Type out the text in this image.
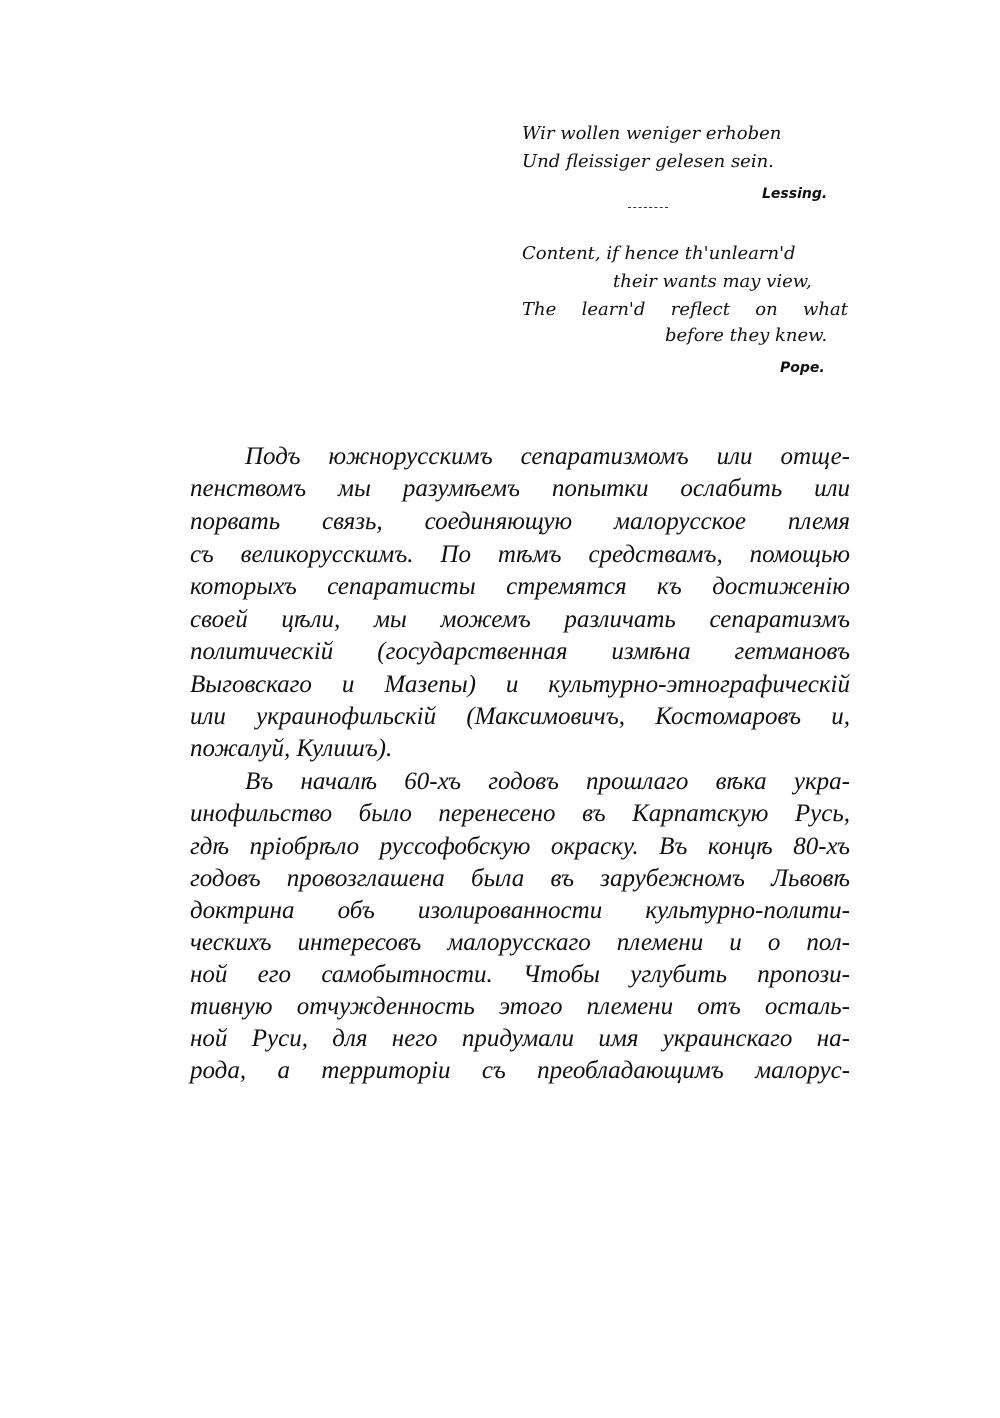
Wir wollen weniger erhoben
Und fleissiger gelesen sein.
Lessing.
Content, if hence th'unlearn'd
their wants may view,
The learn'd reflect on what
before they knew.
Pope.
Подъ южнорусскимъ сепаратизмомъ или отще-
пенствомъ мы разумѣемъ попытки ослабить или
порвать связь, соединяющую малорусское племя
съ великорусскимъ. По тѣмъ средствамъ, помощью
которыхъ сепаратисты стремятся къ достиженію
своей цѣли, мы можемъ различать сепаратизмъ
политическій (государственная измѣна гетмановъ
Выговскаго и Мазепы) и культурно-этнографическій
или украинофильскій (Максимовичъ, Костомаровъ и,
пожалуй, Кулишъ).
Въ началѣ 60-хъ годовъ прошлаго вѣка укра-
инофильство было перенесено въ Карпатскую Русь,
гдѣ пріобрѣло руссофобскую окраску. Въ концѣ 80-хъ
годовъ провозглашена была въ зарубежномъ Львовѣ
доктрина объ изолированности культурно-полити-
ческихъ интересовъ малорусскаго племени и о пол-
ной его самобытности. Чтобы углубить пропози-
тивную отчужденность этого племени отъ осталь-
ной Руси, для него придумали имя украинскаго на-
рода, а территоріи съ преобладающимъ малорус-
